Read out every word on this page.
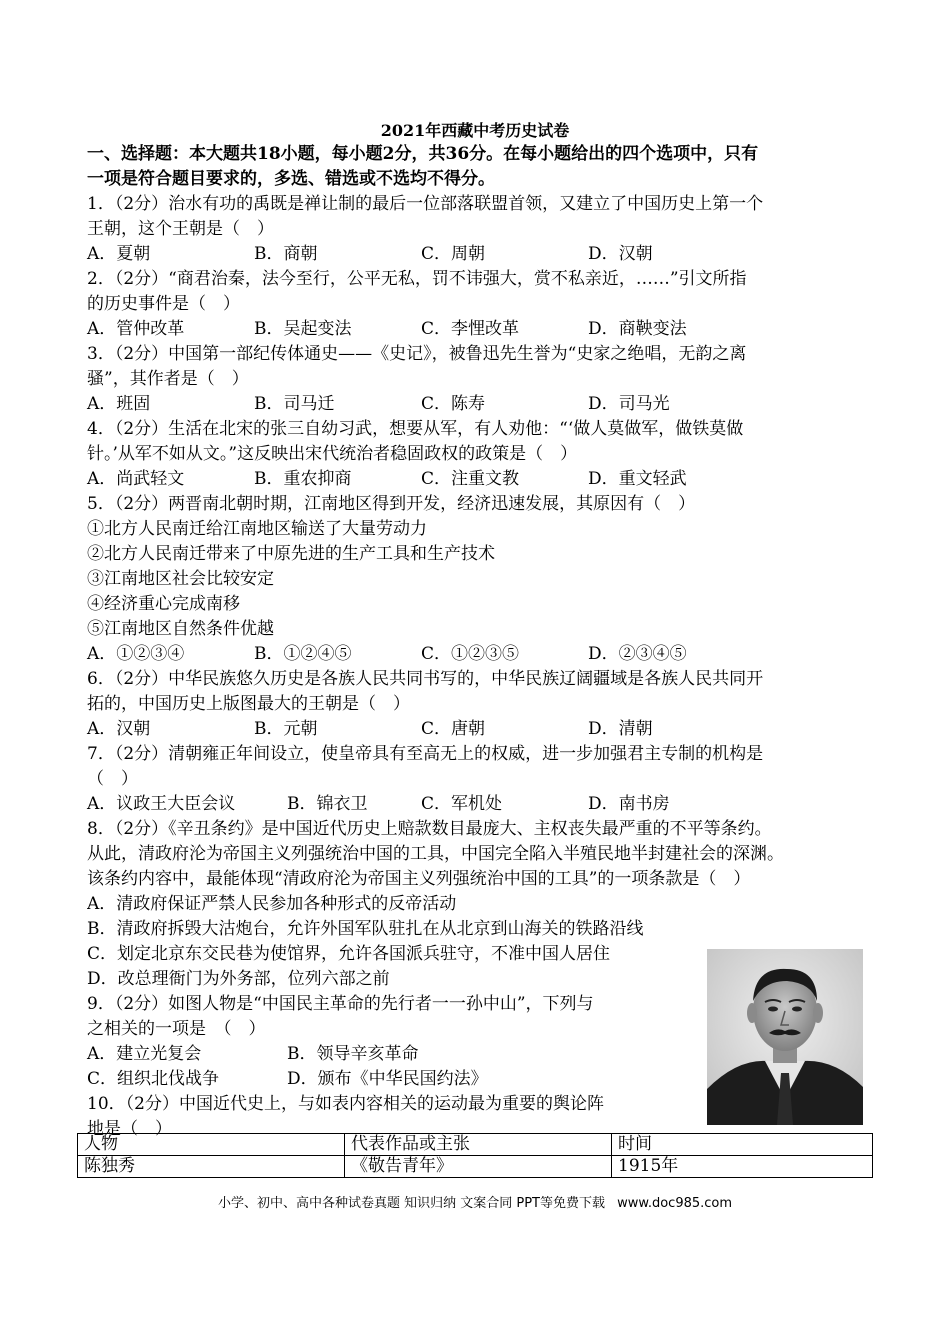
2021年西藏中考历史试卷
一、选择题：本大题共18小题，每小题2分，共36分。在每小题给出的四个选项中，只有
一项是符合题目要求的，多选、错选或不选均不得分。
1．（2分）治水有功的禹既是禅让制的最后一位部落联盟首领，又建立了中国历史上第一个
王朝，这个王朝是（　）
A．夏朝	B．商朝	C．周朝	D．汉朝
2．（2分）“商君治秦，法今至行，公平无私，罚不讳强大，赏不私亲近，……”引文所指
的历史事件是（　）
A．管仲改革	B．吴起变法	C．李悝改革	D．商鞅变法
3．（2分）中国第一部纪传体通史——《史记》，被鲁迅先生誉为“史家之绝唱，无韵之离
骚”，其作者是（　）
A．班固	B．司马迁	C．陈寿	D．司马光
4．（2分）生活在北宋的张三自幼习武，想要从军，有人劝他：“‘做人莫做军，做铁莫做
针。’从军不如从文。”这反映出宋代统治者稳固政权的政策是（　）
A．尚武轻文	B．重农抑商	C．注重文教	D．重文轻武
5．（2分）两晋南北朝时期，江南地区得到开发，经济迅速发展，其原因有（　）
①北方人民南迁给江南地区输送了大量劳动力
②北方人民南迁带来了中原先进的生产工具和生产技术
③江南地区社会比较安定
④经济重心完成南移
⑤江南地区自然条件优越
A．①②③④	B．①②④⑤	C．①②③⑤	D．②③④⑤
6．（2分）中华民族悠久历史是各族人民共同书写的，中华民族辽阔疆域是各族人民共同开
拓的，中国历史上版图最大的王朝是（　）
A．汉朝	B．元朝	C．唐朝	D．清朝
7．（2分）清朝雍正年间设立，使皇帝具有至高无上的权威，进一步加强君主专制的机构是
（　）
A．议政王大臣会议	B．锦衣卫	C．军机处	D．南书房
8．（2分）《辛丑条约》是中国近代历史上赔款数目最庞大、主权丧失最严重的不平等条约。
从此，清政府沦为帝国主义列强统治中国的工具，中国完全陷入半殖民地半封建社会的深渊。
该条约内容中，最能体现“清政府沦为帝国主义列强统治中国的工具”的一项条款是（　）
A．清政府保证严禁人民参加各种形式的反帝活动
B．清政府拆毁大沽炮台，允许外国军队驻扎在从北京到山海关的铁路沿线
C．划定北京东交民巷为使馆界，允许各国派兵驻守，不准中国人居住
D．改总理衙门为外务部，位列六部之前
9．（2分）如图人物是“中国民主革命的先行者一一孙中山”，下列与
之相关的一项是　（　）
A．建立光复会	B．领导辛亥革命
C．组织北伐战争	D．颁布《中华民国约法》
10．（2分）中国近代史上，与如表内容相关的运动最为重要的舆论阵
地是（　）
人物	代表作品或主张	时间
陈独秀	《敬告青年》	1915年
小学、初中、高中各种试卷真题 知识归纳 文案合同 PPT等免费下载 www.doc985.com
